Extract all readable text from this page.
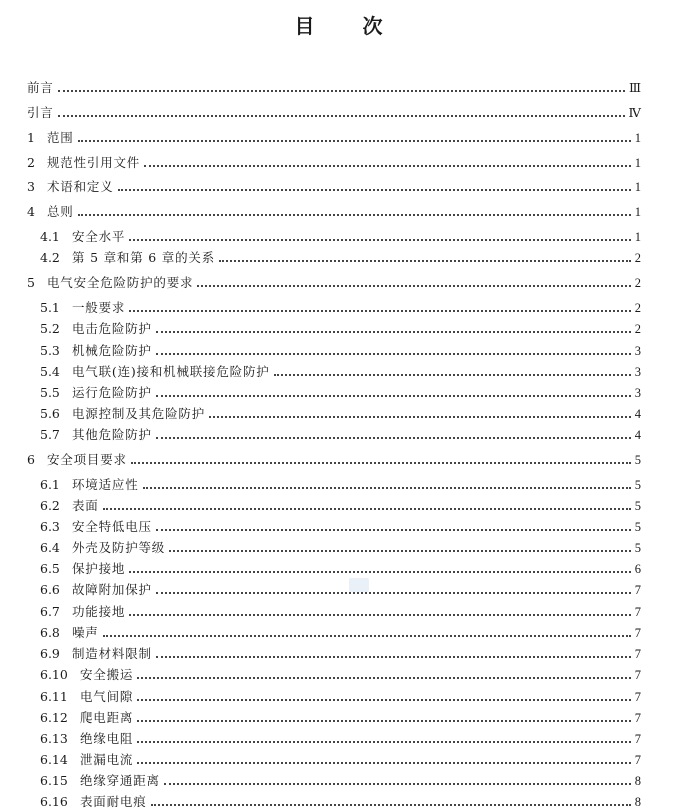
目 次
前言	Ⅲ
引言	Ⅳ
1 范围	1
2 规范性引用文件	1
3 术语和定义	1
4 总则	1
4.1 安全水平	1
4.2 第 5 章和第 6 章的关系	2
5 电气安全危险防护的要求	2
5.1 一般要求	2
5.2 电击危险防护	2
5.3 机械危险防护	3
5.4 电气联(连)接和机械联接危险防护	3
5.5 运行危险防护	3
5.6 电源控制及其危险防护	4
5.7 其他危险防护	4
6 安全项目要求	5
6.1 环境适应性	5
6.2 表面	5
6.3 安全特低电压	5
6.4 外壳及防护等级	5
6.5 保护接地	6
6.6 故障附加保护	7
6.7 功能接地	7
6.8 噪声	7
6.9 制造材料限制	7
6.10 安全搬运	7
6.11 电气间隙	7
6.12 爬电距离	7
6.13 绝缘电阻	7
6.14 泄漏电流	7
6.15 绝缘穿通距离	8
6.16 表面耐电痕	8
